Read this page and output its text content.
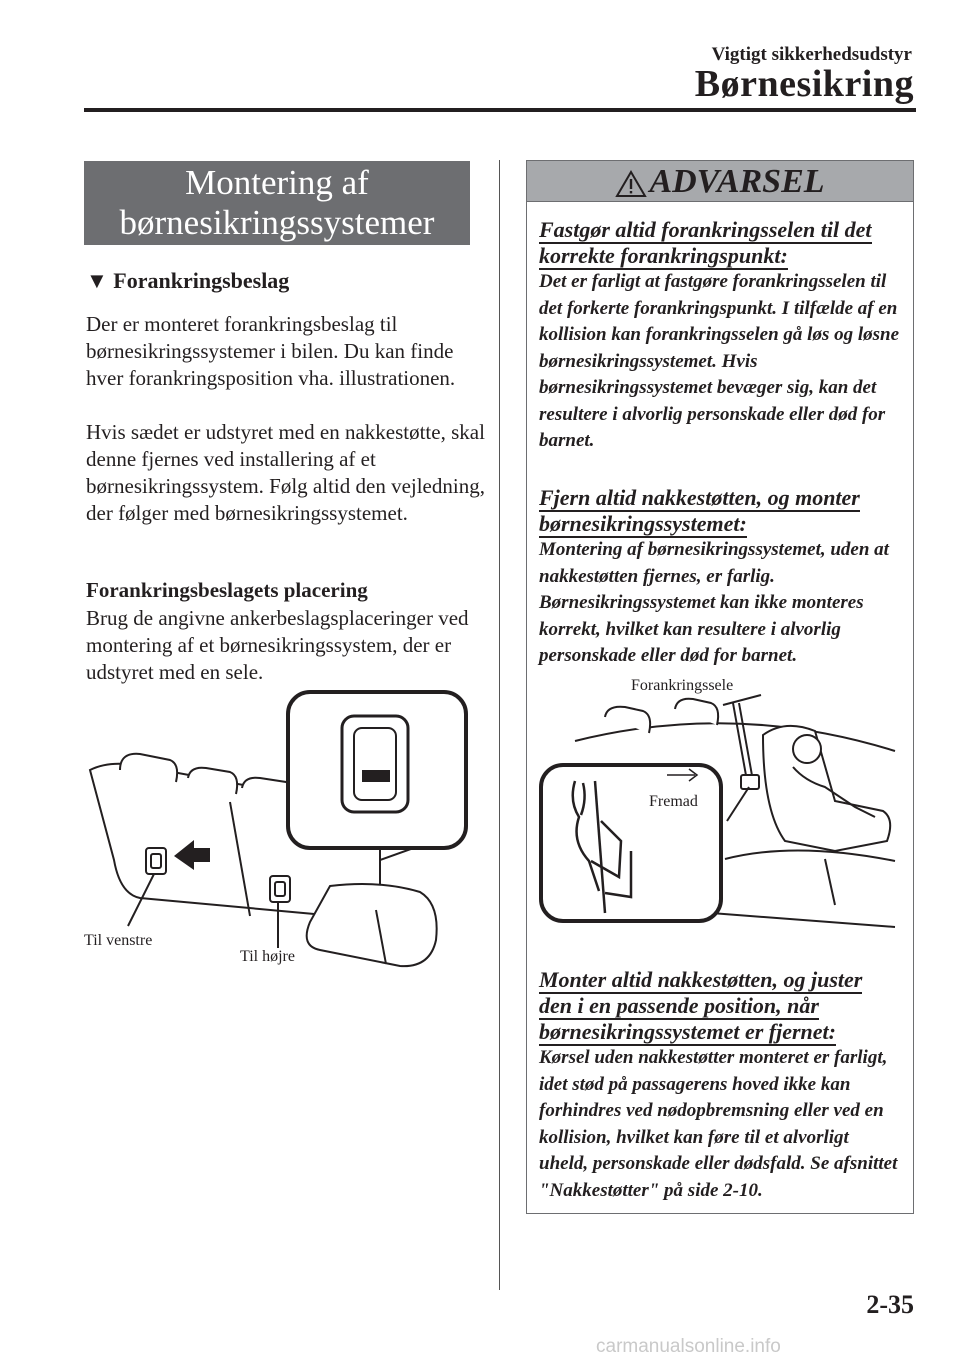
Vigtigt sikkerhedsudstyr
Børnesikring
Montering af
børnesikringssystemer
▼ Forankringsbeslag

Der er monteret forankringsbeslag til børnesikringssystemer i bilen. Du kan finde hver forankringsposition vha. illustrationen.

Hvis sædet er udstyret med en nakkestøtte, skal denne fjernes ved installering af et børnesikringssystem. Følg altid den vejledning, der følger med børnesikringssystemet.

Forankringsbeslagets placering

Brug de angivne ankerbeslagsplaceringer ved montering af et børnesikringssystem, der er udstyret med en sele.

Til venstre
Til højre
ADVARSEL
Fastgør altid forankringsselen til det korrekte forankringspunkt:
Det er farligt at fastgøre forankringsselen til det forkerte forankringspunkt. I tilfælde af en kollision kan forankringsselen gå løs og løsne børnesikringssystemet. Hvis børnesikringssystemet bevæger sig, kan det resultere i alvorlig personskade eller død for barnet.
Fjern altid nakkestøtten, og monter børnesikringssystemet:
Montering af børnesikringssystemet, uden at nakkestøtten fjernes, er farlig. Børnesikringssystemet kan ikke monteres korrekt, hvilket kan resultere i alvorlig personskade eller død for barnet.
Forankringssele
Fremad
Monter altid nakkestøtten, og juster den i en passende position, når børnesikringssystemet er fjernet:
Kørsel uden nakkestøtter monteret er farligt, idet stød på passagerens hoved ikke kan forhindres ved nødopbremsning eller ved en kollision, hvilket kan føre til et alvorligt uheld, personskade eller dødsfald. Se afsnittet "Nakkestøtter" på side 2-10.
2-35
carmanualsonline.info
